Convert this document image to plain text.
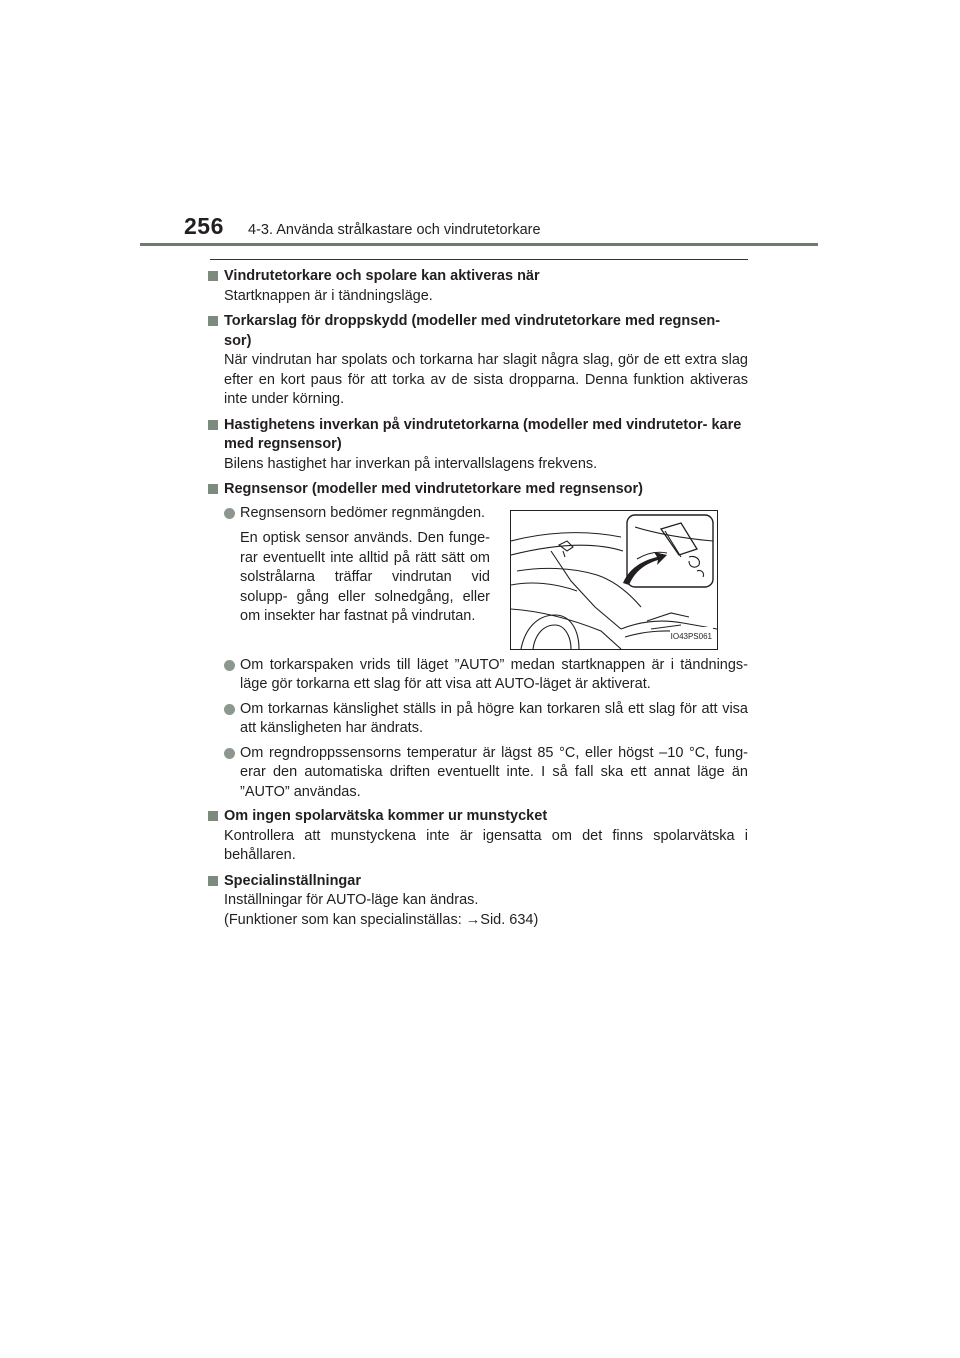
256 4-3. Använda strålkastare och vindrutetorkare
Vindrutetorkare och spolare kan aktiveras när
Startknappen är i tändningsläge.
Torkarslag för droppskydd (modeller med vindrutetorkare med regnsen- sor)
När vindrutan har spolats och torkarna har slagit några slag, gör de ett extra slag efter en kort paus för att torka av de sista dropparna. Denna funktion aktiveras inte under körning.
Hastighetens inverkan på vindrutetorkarna (modeller med vindrutetor- kare med regnsensor)
Bilens hastighet har inverkan på intervallslagens frekvens.
Regnsensor (modeller med vindrutetorkare med regnsensor)
Regnsensorn bedömer regnmängden.
En optisk sensor används. Den funge- rar eventuellt inte alltid på rätt sätt om solstrålarna träffar vindrutan vid solupp- gång eller solnedgång, eller om insekter har fastnat på vindrutan.
IO43PS061
Om torkarspaken vrids till läget ”AUTO” medan startknappen är i tändnings- läge gör torkarna ett slag för att visa att AUTO-läget är aktiverat.
Om torkarnas känslighet ställs in på högre kan torkaren slå ett slag för att visa att känsligheten har ändrats.
Om regndroppssensorns temperatur är lägst 85 °C, eller högst –10 °C, fung- erar den automatiska driften eventuellt inte. I så fall ska ett annat läge än ”AUTO” användas.
Om ingen spolarvätska kommer ur munstycket
Kontrollera att munstyckena inte är igensatta om det finns spolarvätska i behållaren.
Specialinställningar
Inställningar för AUTO-läge kan ändras.
(Funktioner som kan specialinställas: →Sid. 634)
